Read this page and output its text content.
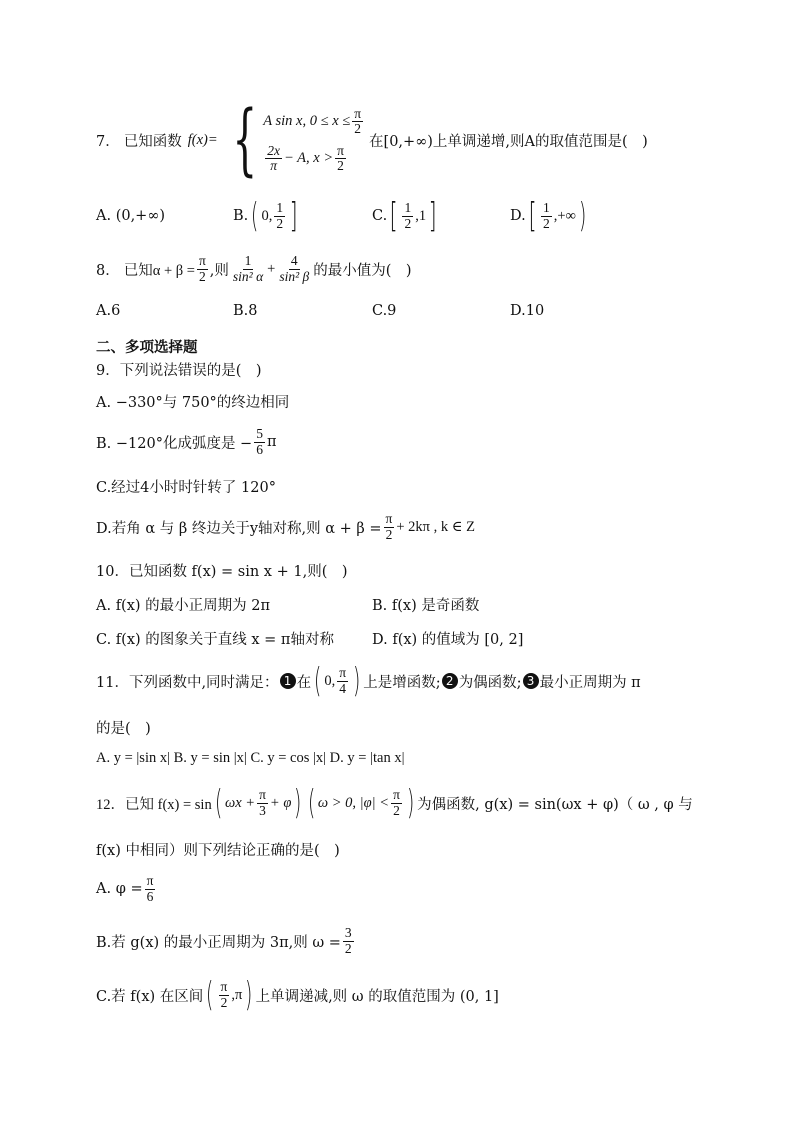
7． 已知函数 f(x)= { A sin x, $0 \le x \le \frac{\pi}{2}$
$\frac{2x}{\pi} - A$, $x > \frac{\pi}{2}$
在[0,+∞)上单调递增,则A的取值范围是(　)
A. (0,+∞)	B. ( 0, $\frac{1}{2}$ ]	C. [ $\frac{1}{2} ,1$ ]	D. [ $\frac{1}{2}$ ,+∞ )
8． 已知$\alpha + \beta = \frac{\pi}{2}$ ,则 $\frac{1}{\text{sin² α}} + \frac{4}{\text{sin² β}}$ 的最小值为(　)
A.6	B.8	C.9	D.10
二、多项选择题
9．下列说法错误的是(　)
A. −330°与 750°的终边相同
B. −120°化成弧度是 − $\frac{5}{6}$ π
C.经过4小时时针转了 120°
D.若角 α 与 β 终边关于y轴对称,则 $\alpha + \beta = \frac{\pi}{2} + 2k\pi$ , k ∈ Z
10．已知函数 f(x) = sin x + 1,则(　)
A. f(x) 的最小正周期为 2π	B. f(x) 是奇函数
C. f(x) 的图象关于直线 x = π轴对称	D. f(x) 的值域为 [0, 2]
11．下列函数中,同时满足： 1 在 ( 0, $\frac{\pi}{4}$ ) 上是增函数; 2 为偶函数; 3 最小正周期为 π
的是(　)
A. y = |sin x| B. y = sin |x| C. y = cos |x| D. y = |tan x|
12．已知 f(x) = sin ( $\omega x + \frac{\pi}{3} + \varphi$ ) ( ω > 0, $|\varphi| < \frac{\pi}{2}$ ) 为偶函数, g(x) = sin(ωx + φ)（ ω , φ 与
f(x) 中相同）则下列结论正确的是(　)
A. $\varphi = \frac{\pi}{6}$
B.若 g(x) 的最小正周期为 3π,则 $\omega = \frac{3}{2}$
C.若 f(x) 在区间 ( $\frac{\pi}{2} ,\pi$ ) 上单调递减,则 ω 的取值范围为 (0, 1]
